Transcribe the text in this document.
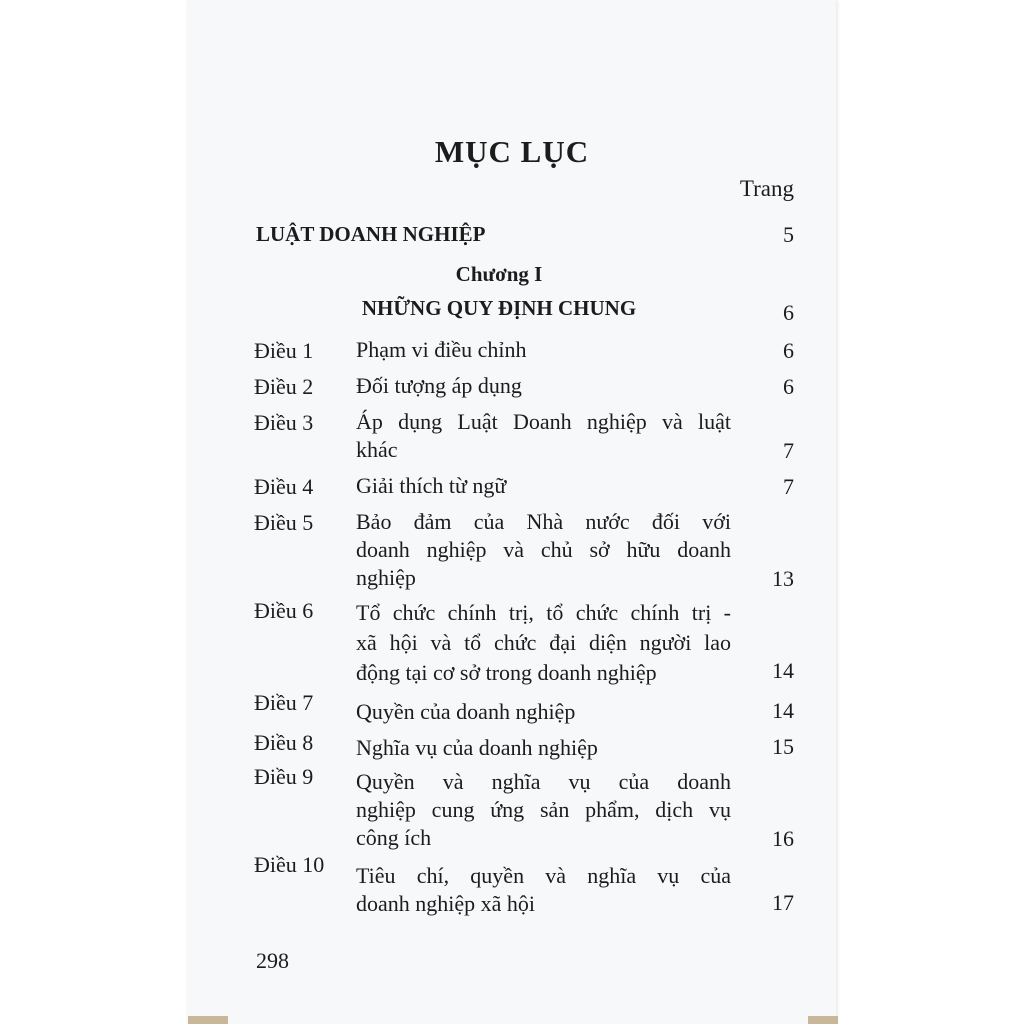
MỤC LỤC
Trang
LUẬT DOANH NGHIỆP	5
Chương I
NHỮNG QUY ĐỊNH CHUNG	6
Điều 1 Phạm vi điều chỉnh	6
Điều 2 Đối tượng áp dụng	6
Điều 3 Áp dụng Luật Doanh nghiệp và luật
khác	7
Điều 4 Giải thích từ ngữ	7
Điều 5 Bảo đảm của Nhà nước đối với
doanh nghiệp và chủ sở hữu doanh
nghiệp	13
Điều 6 Tổ chức chính trị, tổ chức chính trị -
xã hội và tổ chức đại diện người lao
động tại cơ sở trong doanh nghiệp	14
Điều 7 Quyền của doanh nghiệp	14
Điều 8 Nghĩa vụ của doanh nghiệp	15
Điều 9 Quyền và nghĩa vụ của doanh
nghiệp cung ứng sản phẩm, dịch vụ
công ích	16
Điều 10 Tiêu chí, quyền và nghĩa vụ của
doanh nghiệp xã hội	17
298
